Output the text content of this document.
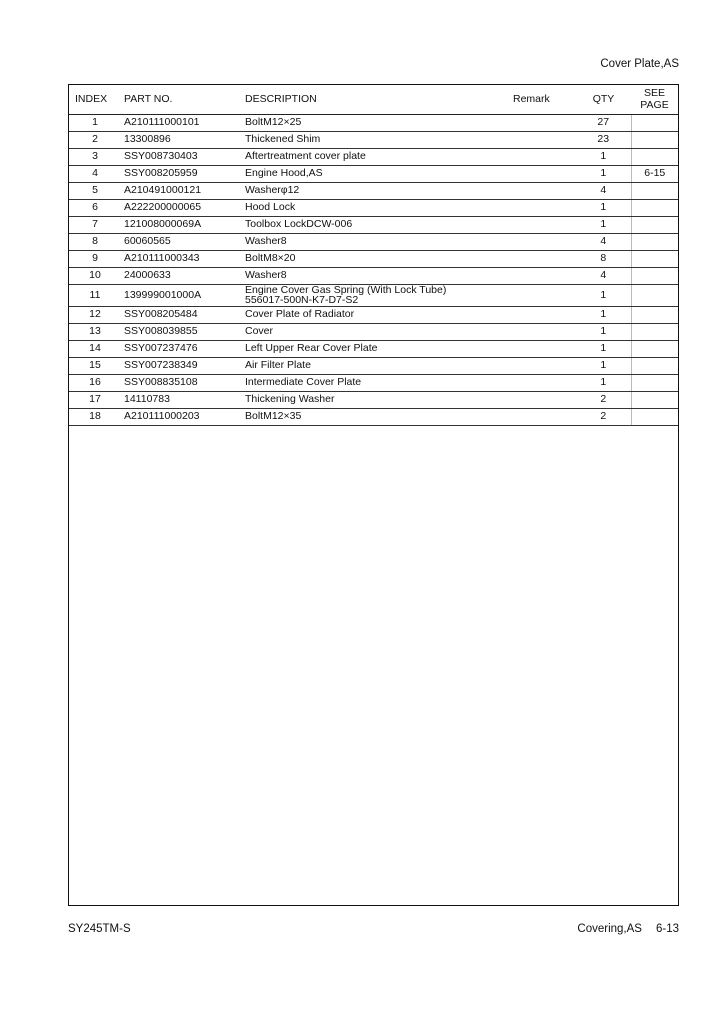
Cover Plate,AS
INDEX	PART NO.	DESCRIPTION	Remark	QTY	SEE
PAGE
1	A210111000101	BoltM12×25		27	
2	13300896	Thickened Shim		23	
3	SSY008730403	Aftertreatment cover plate		1	
4	SSY008205959	Engine Hood,AS		1	6-15
5	A210491000121	Washerφ12		4	
6	A222200000065	Hood Lock		1	
7	121008000069A	Toolbox LockDCW-006		1	
8	60060565	Washer8		4	
9	A210111000343	BoltM8×20		8	
10	24000633	Washer8		4	
11	139999001000A	Engine Cover Gas Spring (With Lock Tube)
556017-500N-K7-D7-S2		1	
12	SSY008205484	Cover Plate of Radiator		1	
13	SSY008039855	Cover		1	
14	SSY007237476	Left Upper Rear Cover Plate		1	
15	SSY007238349	Air Filter Plate		1	
16	SSY008835108	Intermediate Cover Plate		1	
17	14110783	Thickening Washer		2	
18	A210111000203	BoltM12×35		2	
SY245TM-S	Covering,AS 6-13
